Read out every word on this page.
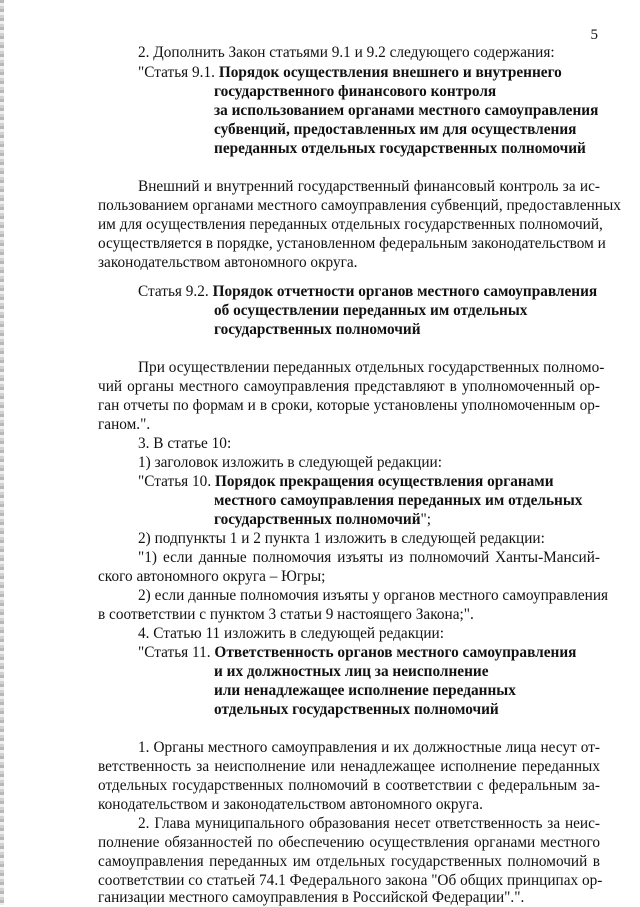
5
2. Дополнить Закон статьями 9.1 и 9.2 следующего содержания:
"Статья 9.1. Порядок осуществления внешнего и внутреннего
государственного финансового контроля
за использованием органами местного самоуправления
субвенций, предоставленных им для осуществления
переданных отдельных государственных полномочий
Внешний и внутренний государственный финансовый контроль за ис-
пользованием органами местного самоуправления субвенций, предоставленных
им для осуществления переданных отдельных государственных полномочий,
осуществляется в порядке, установленном федеральным законодательством и
законодательством автономного округа.
Статья 9.2. Порядок отчетности органов местного самоуправления
об осуществлении переданных им отдельных
государственных полномочий
При осуществлении переданных отдельных государственных полномо-
чий органы местного самоуправления представляют в уполномоченный ор-
ган отчеты по формам и в сроки, которые установлены уполномоченным ор-
ганом.".
3. В статье 10:
1) заголовок изложить в следующей редакции:
"Статья 10. Порядок прекращения осуществления органами
местного самоуправления переданных им отдельных
государственных полномочий";
2) подпункты 1 и 2 пункта 1 изложить в следующей редакции:
"1) если данные полномочия изъяты из полномочий Ханты-Мансий-
ского автономного округа – Югры;
2) если данные полномочия изъяты у органов местного самоуправления
в соответствии с пунктом 3 статьи 9 настоящего Закона;".
4. Статью 11 изложить в следующей редакции:
"Статья 11. Ответственность органов местного самоуправления
и их должностных лиц за неисполнение
или ненадлежащее исполнение переданных
отдельных государственных полномочий
1. Органы местного самоуправления и их должностные лица несут от-
ветственность за неисполнение или ненадлежащее исполнение переданных
отдельных государственных полномочий в соответствии с федеральным за-
конодательством и законодательством автономного округа.
2. Глава муниципального образования несет ответственность за неис-
полнение обязанностей по обеспечению осуществления органами местного
самоуправления переданных им отдельных государственных полномочий в
соответствии со статьей 74.1 Федерального закона "Об общих принципах ор-
ганизации местного самоуправления в Российской Федерации".".
